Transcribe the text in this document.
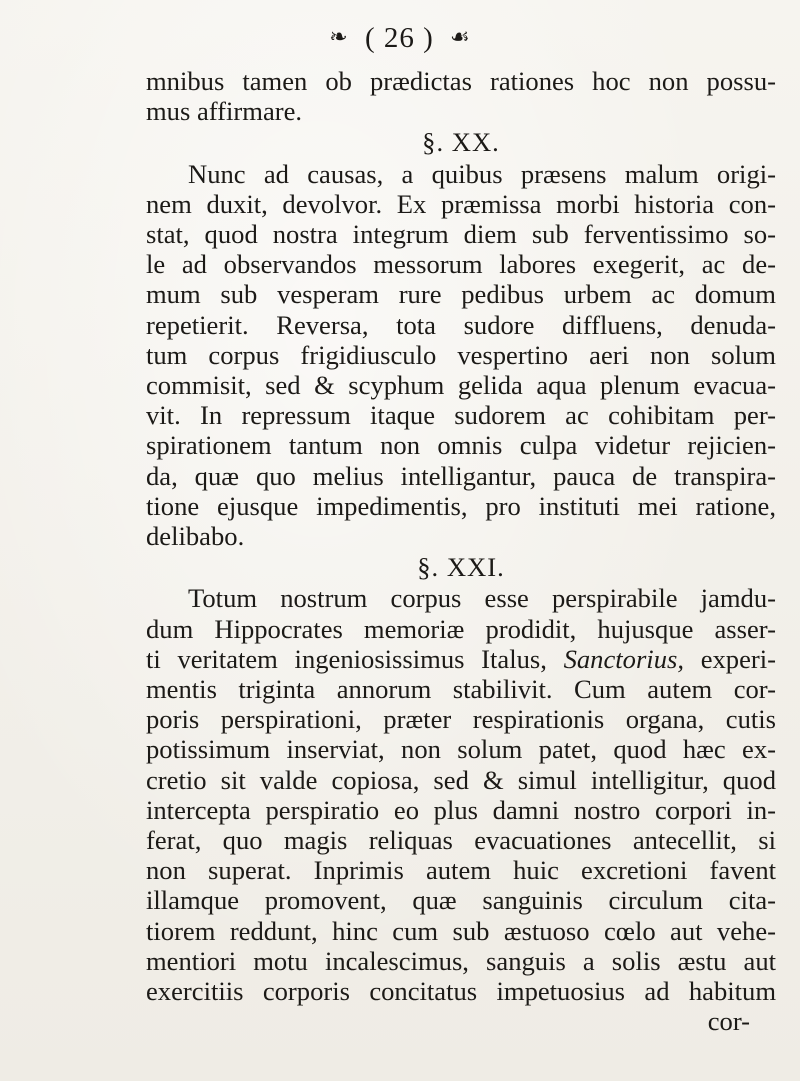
❧ ( 26 ) ☙
mnibus tamen ob prædictas rationes hoc non possu-
mus affirmare.
§. XX.
Nunc ad causas, a quibus præsens malum origi-
nem duxit, devolvor. Ex præmissa morbi historia con-
stat, quod nostra integrum diem sub ferventissimo so-
le ad observandos messorum labores exegerit, ac de-
mum sub vesperam rure pedibus urbem ac domum
repetierit. Reversa, tota sudore diffluens, denuda-
tum corpus frigidiusculo vespertino aeri non solum
commisit, sed & scyphum gelida aqua plenum evacua-
vit. In repressum itaque sudorem ac cohibitam per-
spirationem tantum non omnis culpa videtur rejicien-
da, quæ quo melius intelligantur, pauca de transpira-
tione ejusque impedimentis, pro instituti mei ratione,
delibabo.
§. XXI.
Totum nostrum corpus esse perspirabile jamdu-
dum Hippocrates memoriæ prodidit, hujusque asser-
ti veritatem ingeniosissimus Italus, Sanctorius, experi-
mentis triginta annorum stabilivit. Cum autem cor-
poris perspirationi, præter respirationis organa, cutis
potissimum inserviat, non solum patet, quod hæc ex-
cretio sit valde copiosa, sed & simul intelligitur, quod
intercepta perspiratio eo plus damni nostro corpori in-
ferat, quo magis reliquas evacuationes antecellit, si
non superat. Inprimis autem huic excretioni favent
illamque promovent, quæ sanguinis circulum cita-
tiorem reddunt, hinc cum sub æstuoso cœlo aut vehe-
mentiori motu incalescimus, sanguis a solis æstu aut
exercitiis corporis concitatus impetuosius ad habitum
cor-
